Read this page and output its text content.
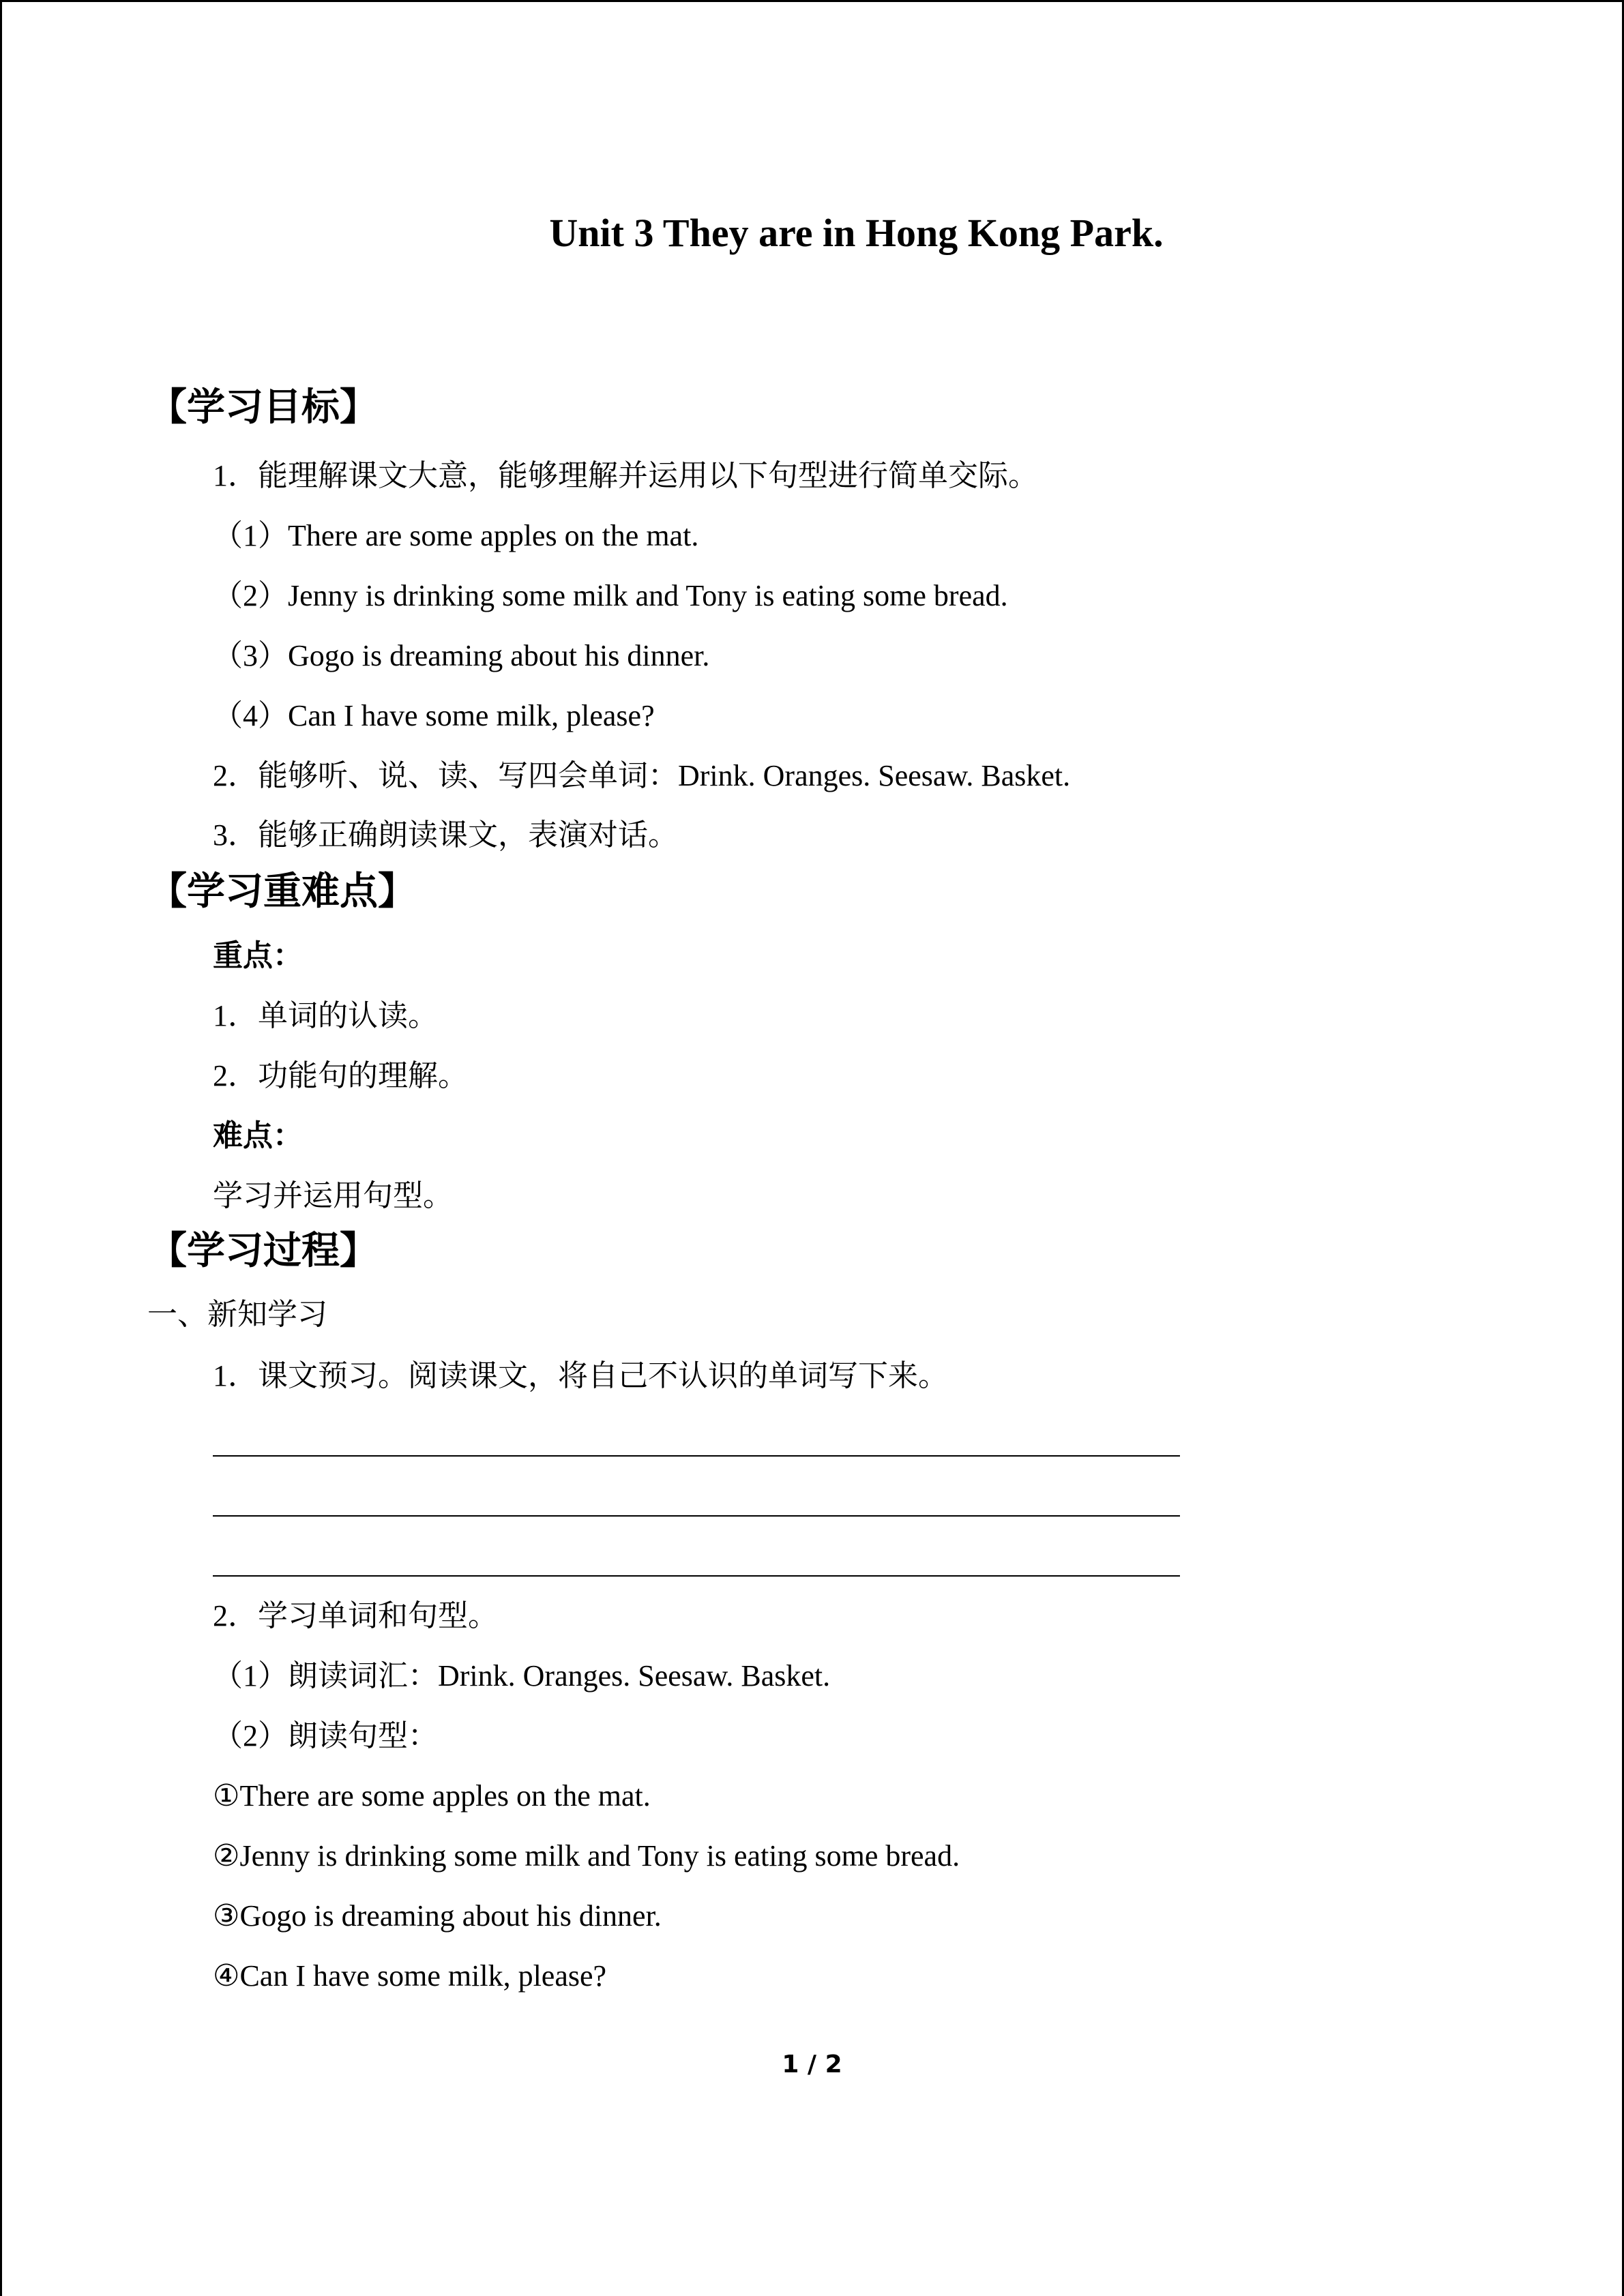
Unit 3 They are in Hong Kong Park.
【学习目标】
1．能理解课文大意，能够理解并运用以下句型进行简单交际。
（1）There are some apples on the mat.
（2）Jenny is drinking some milk and Tony is eating some bread.
（3）Gogo is dreaming about his dinner.
（4）Can I have some milk, please?
2．能够听、说、读、写四会单词：Drink. Oranges. Seesaw. Basket.
3．能够正确朗读课文，表演对话。
【学习重难点】
重点：
1．单词的认读。
2．功能句的理解。
难点：
学习并运用句型。
【学习过程】
一、新知学习
1．课文预习。阅读课文，将自己不认识的单词写下来。
2．学习单词和句型。
（1）朗读词汇：Drink. Oranges. Seesaw. Basket.
（2）朗读句型：
①There are some apples on the mat.
②Jenny is drinking some milk and Tony is eating some bread.
③Gogo is dreaming about his dinner.
④Can I have some milk, please?
1 / 2
